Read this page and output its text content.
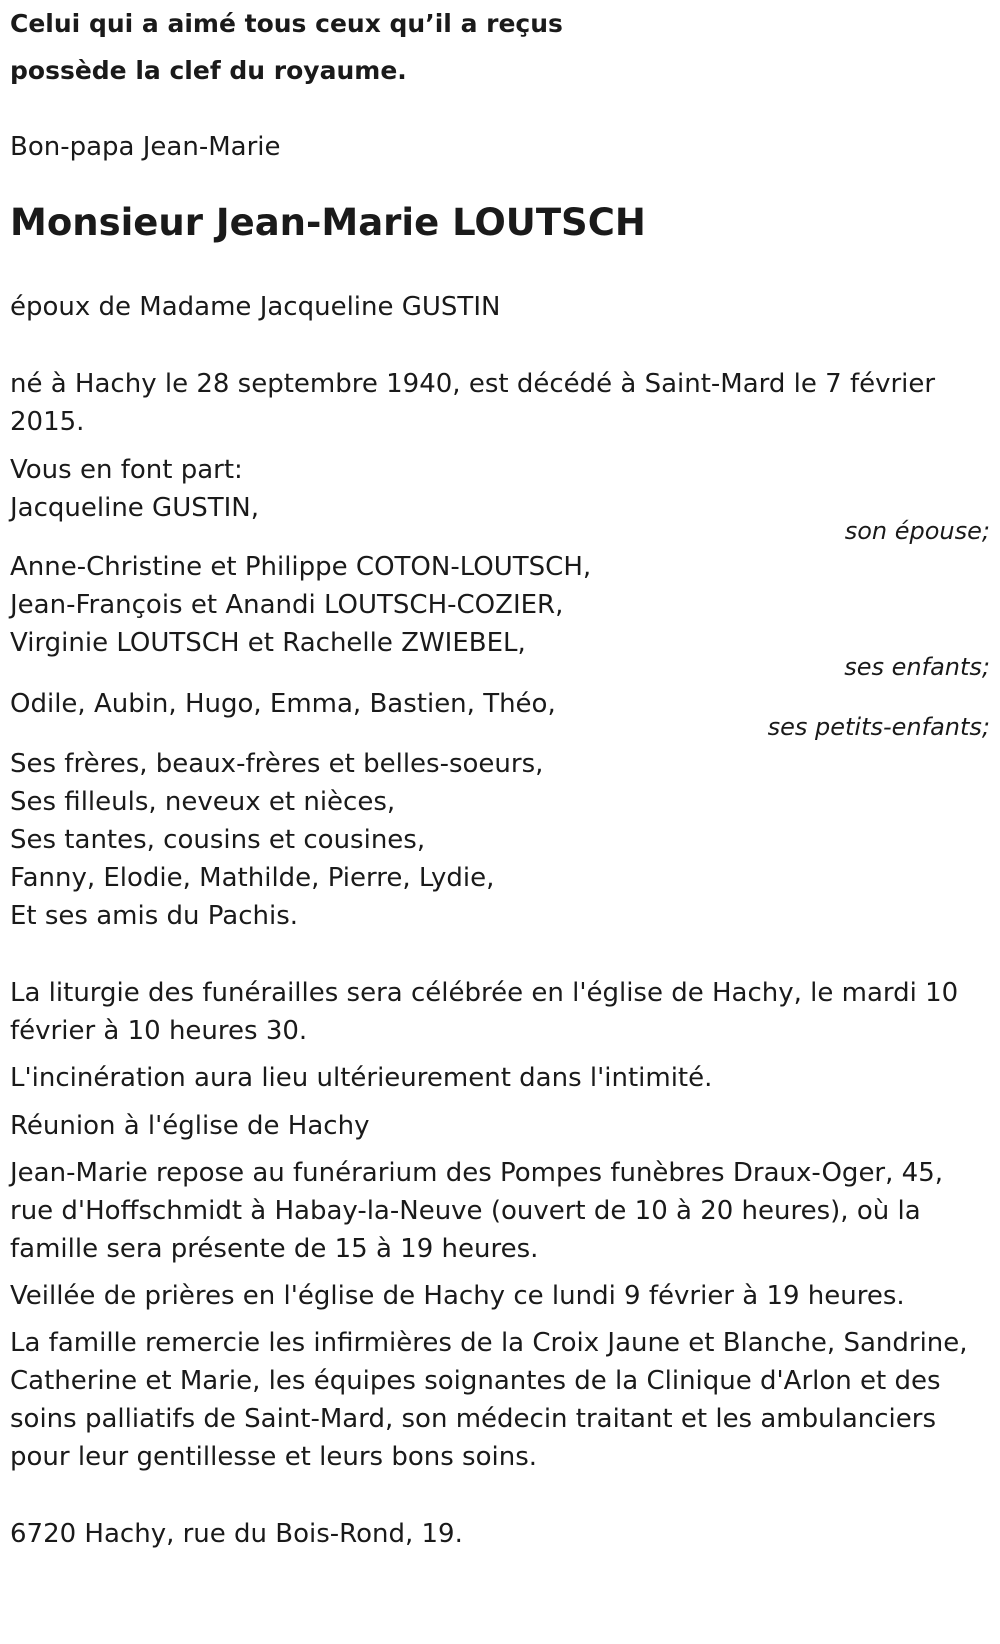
Celui qui a aimé tous ceux qu’il a reçus
possède la clef du royaume.
Bon-papa Jean-Marie
Monsieur Jean-Marie LOUTSCH
époux de Madame Jacqueline GUSTIN
né à Hachy le 28 septembre 1940, est décédé à Saint-Mard le 7 février
2015.
Vous en font part:
Jacqueline GUSTIN,
son épouse;
Anne-Christine et Philippe COTON-LOUTSCH,
Jean-François et Anandi LOUTSCH-COZIER,
Virginie LOUTSCH et Rachelle ZWIEBEL,
ses enfants;
Odile, Aubin, Hugo, Emma, Bastien, Théo,
ses petits-enfants;
Ses frères, beaux-frères et belles-soeurs,
Ses filleuls, neveux et nièces,
Ses tantes, cousins et cousines,
Fanny, Elodie, Mathilde, Pierre, Lydie,
Et ses amis du Pachis.
La liturgie des funérailles sera célébrée en l'église de Hachy, le mardi 10
février à 10 heures 30.
L'incinération aura lieu ultérieurement dans l'intimité.
Réunion à l'église de Hachy
Jean-Marie repose au funérarium des Pompes funèbres Draux-Oger, 45,
rue d'Hoffschmidt à Habay-la-Neuve (ouvert de 10 à 20 heures), où la
famille sera présente de 15 à 19 heures.
Veillée de prières en l'église de Hachy ce lundi 9 février à 19 heures.
La famille remercie les infirmières de la Croix Jaune et Blanche, Sandrine,
Catherine et Marie, les équipes soignantes de la Clinique d'Arlon et des
soins palliatifs de Saint-Mard, son médecin traitant et les ambulanciers
pour leur gentillesse et leurs bons soins.
6720 Hachy, rue du Bois-Rond, 19.
